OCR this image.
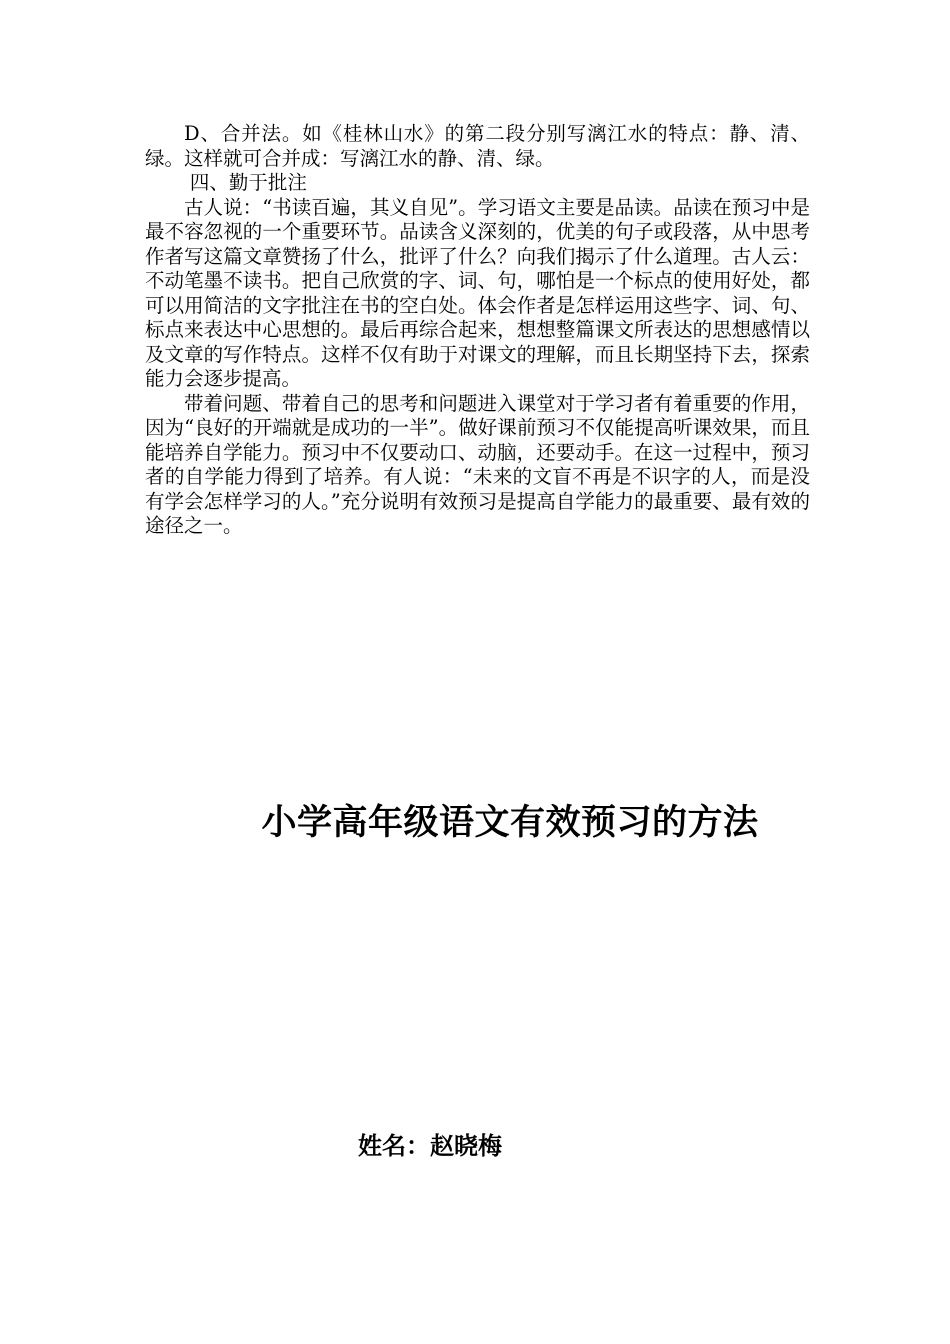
D、合并法。如《桂林山水》的第二段分别写漓江水的特点：静、清、绿。这样就可合并成：写漓江水的静、清、绿。

四、勤于批注

古人说：“书读百遍，其义自见”。学习语文主要是品读。品读在预习中是最不容忽视的一个重要环节。品读含义深刻的，优美的句子或段落，从中思考作者写这篇文章赞扬了什么，批评了什么？向我们揭示了什么道理。古人云：不动笔墨不读书。把自己欣赏的字、词、句，哪怕是一个标点的使用好处，都可以用简洁的文字批注在书的空白处。体会作者是怎样运用这些字、词、句、标点来表达中心思想的。最后再综合起来，想想整篇课文所表达的思想感情以及文章的写作特点。这样不仅有助于对课文的理解，而且长期坚持下去，探索能力会逐步提高。

带着问题、带着自己的思考和问题进入课堂对于学习者有着重要的作用，因为“良好的开端就是成功的一半”。做好课前预习不仅能提高听课效果，而且能培养自学能力。预习中不仅要动口、动脑，还要动手。在这一过程中，预习者的自学能力得到了培养。有人说：“未来的文盲不再是不识字的人，而是没有学会怎样学习的人。”充分说明有效预习是提高自学能力的最重要、最有效的途径之一。

小学高年级语文有效预习的方法
姓名：赵晓梅
